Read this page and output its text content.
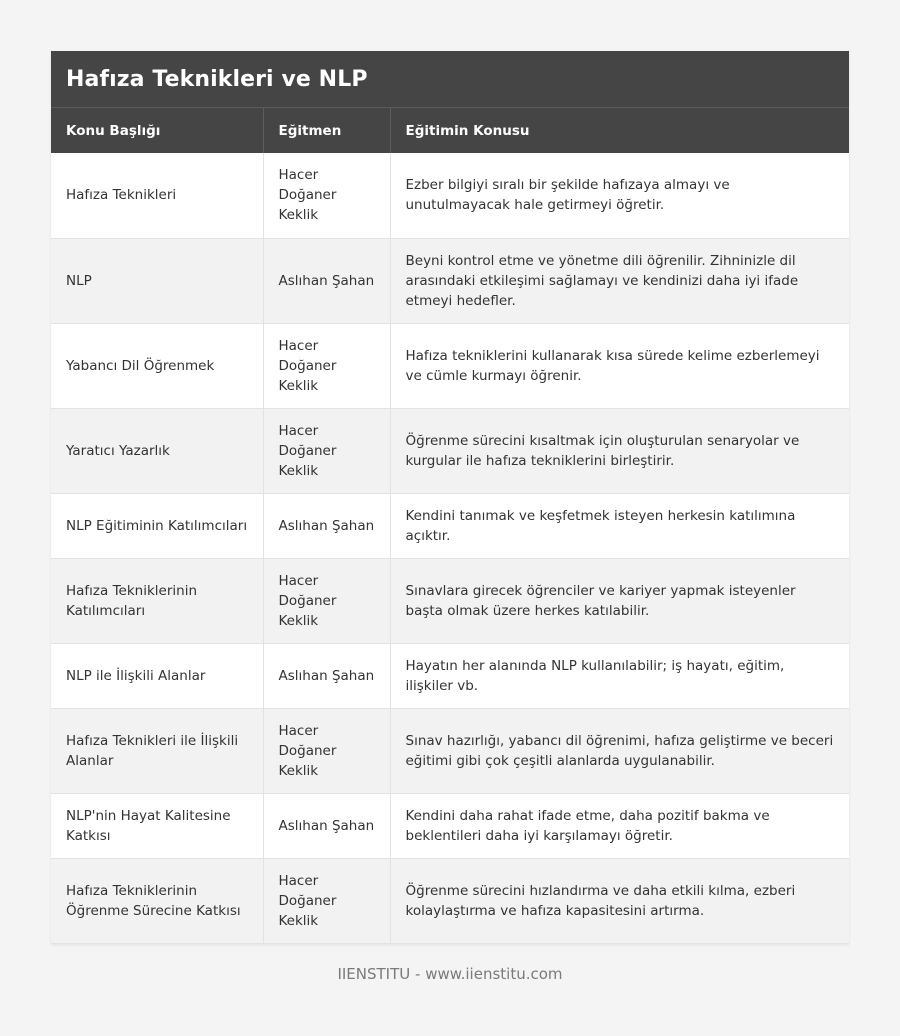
Hafıza Teknikleri ve NLP
Konu Başlığı	Eğitmen	Eğitimin Konusu
Hafıza Teknikleri	Hacer Doğaner Keklik	Ezber bilgiyi sıralı bir şekilde hafızaya almayı ve unutulmayacak hale getirmeyi öğretir.
NLP	Aslıhan Şahan	Beyni kontrol etme ve yönetme dili öğrenilir. Zihninizle dil arasındaki etkileşimi sağlamayı ve kendinizi daha iyi ifade etmeyi hedefler.
Yabancı Dil Öğrenmek	Hacer Doğaner Keklik	Hafıza tekniklerini kullanarak kısa sürede kelime ezberlemeyi ve cümle kurmayı öğrenir.
Yaratıcı Yazarlık	Hacer Doğaner Keklik	Öğrenme sürecini kısaltmak için oluşturulan senaryolar ve kurgular ile hafıza tekniklerini birleştirir.
NLP Eğitiminin Katılımcıları	Aslıhan Şahan	Kendini tanımak ve keşfetmek isteyen herkesin katılımına açıktır.
Hafıza Tekniklerinin Katılımcıları	Hacer Doğaner Keklik	Sınavlara girecek öğrenciler ve kariyer yapmak isteyenler başta olmak üzere herkes katılabilir.
NLP ile İlişkili Alanlar	Aslıhan Şahan	Hayatın her alanında NLP kullanılabilir; iş hayatı, eğitim, ilişkiler vb.
Hafıza Teknikleri ile İlişkili Alanlar	Hacer Doğaner Keklik	Sınav hazırlığı, yabancı dil öğrenimi, hafıza geliştirme ve beceri eğitimi gibi çok çeşitli alanlarda uygulanabilir.
NLP'nin Hayat Kalitesine Katkısı	Aslıhan Şahan	Kendini daha rahat ifade etme, daha pozitif bakma ve beklentileri daha iyi karşılamayı öğretir.
Hafıza Tekniklerinin Öğrenme Sürecine Katkısı	Hacer Doğaner Keklik	Öğrenme sürecini hızlandırma ve daha etkili kılma, ezberi kolaylaştırma ve hafıza kapasitesini artırma.
IIENSTITU - www.iienstitu.com
